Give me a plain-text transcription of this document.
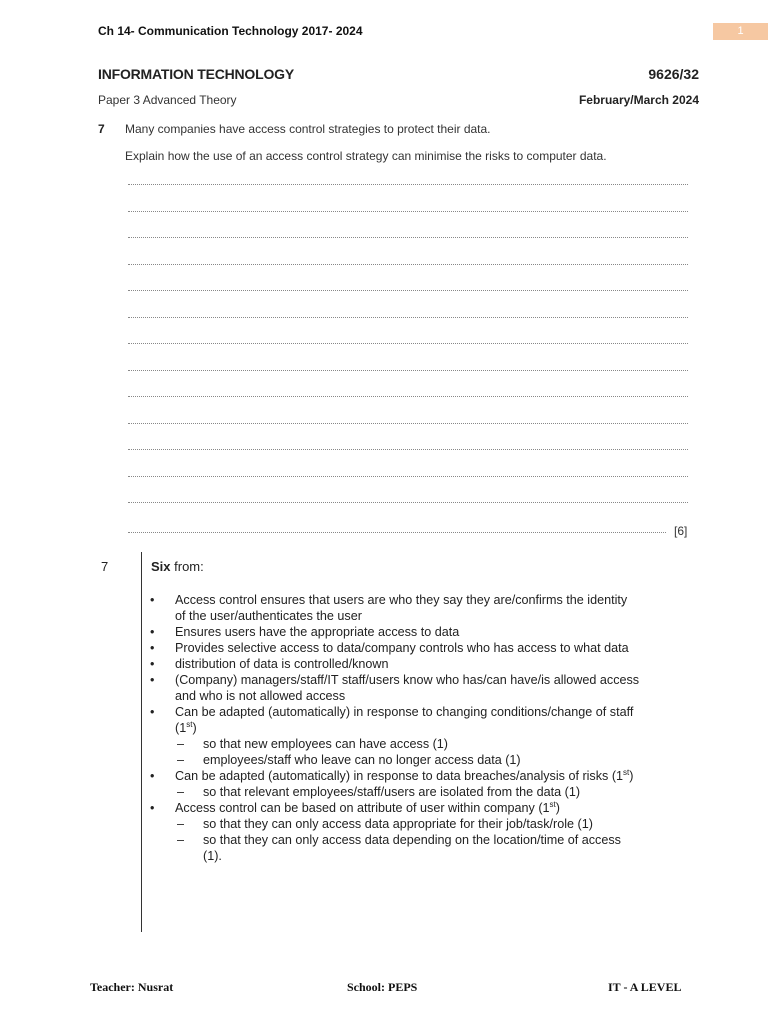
Ch 14- Communication Technology 2017- 2024	1
INFORMATION TECHNOLOGY	9626/32
Paper 3 Advanced Theory	February/March 2024
7 Many companies have access control strategies to protect their data.
Explain how the use of an access control strategy can minimise the risks to computer data.
[6]
7	Six from:
• Access control ensures that users are who they say they are/confirms the identity of the user/authenticates the user
• Ensures users have the appropriate access to data
• Provides selective access to data/company controls who has access to what data
• distribution of data is controlled/known
• (Company) managers/staff/IT staff/users know who has/can have/is allowed access and who is not allowed access
• Can be adapted (automatically) in response to changing conditions/change of staff (1st)
– so that new employees can have access (1)
– employees/staff who leave can no longer access data (1)
• Can be adapted (automatically) in response to data breaches/analysis of risks (1st)
– so that relevant employees/staff/users are isolated from the data (1)
• Access control can be based on attribute of user within company (1st)
– so that they can only access data appropriate for their job/task/role (1)
– so that they can only access data depending on the location/time of access (1).
Teacher: Nusrat	School: PEPS	IT - A LEVEL
